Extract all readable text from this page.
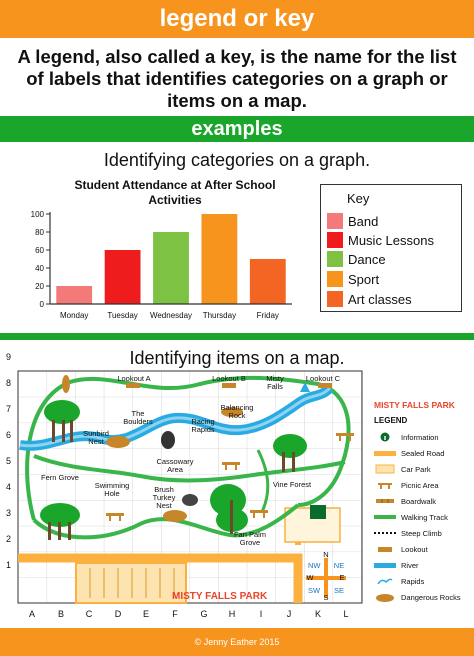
legend or key
A legend, also called a key, is the name for the list of labels that identifies categories on a graph or items on a map.
examples
Identifying categories on a graph.
Student Attendance at After School Activities
0
20
40
60
80
100
Monday Tuesday Wednesday Thursday	Friday
Key
Band
Music Lessons
Dance
Sport
Art classes
Identifying items on a map.
9
8
7
6
5
4
3
2
1
A	B	C	D	E	F	G	H	I	J	K	L
Lookout A	Lookout B	Misty Falls
Lookout C
Sunbird Nest
The Boulders	Racing Rapids
Balancing Rock
Cassowary Area
Fern Grove
Swimming Hole	Brush Turkey Nest
Vine Forest
Fan Palm Grove
MISTY FALLS PARK
N
S
E
W
NE
NW
SE
SW
MISTY FALLS PARK
LEGEND
Information
Sealed Road
Car Park
Picnic Area
Boardwalk
Walking Track
Steep Climb
Lookout
River
Rapids
Dangerous Rocks
© Jenny Eather 2015
